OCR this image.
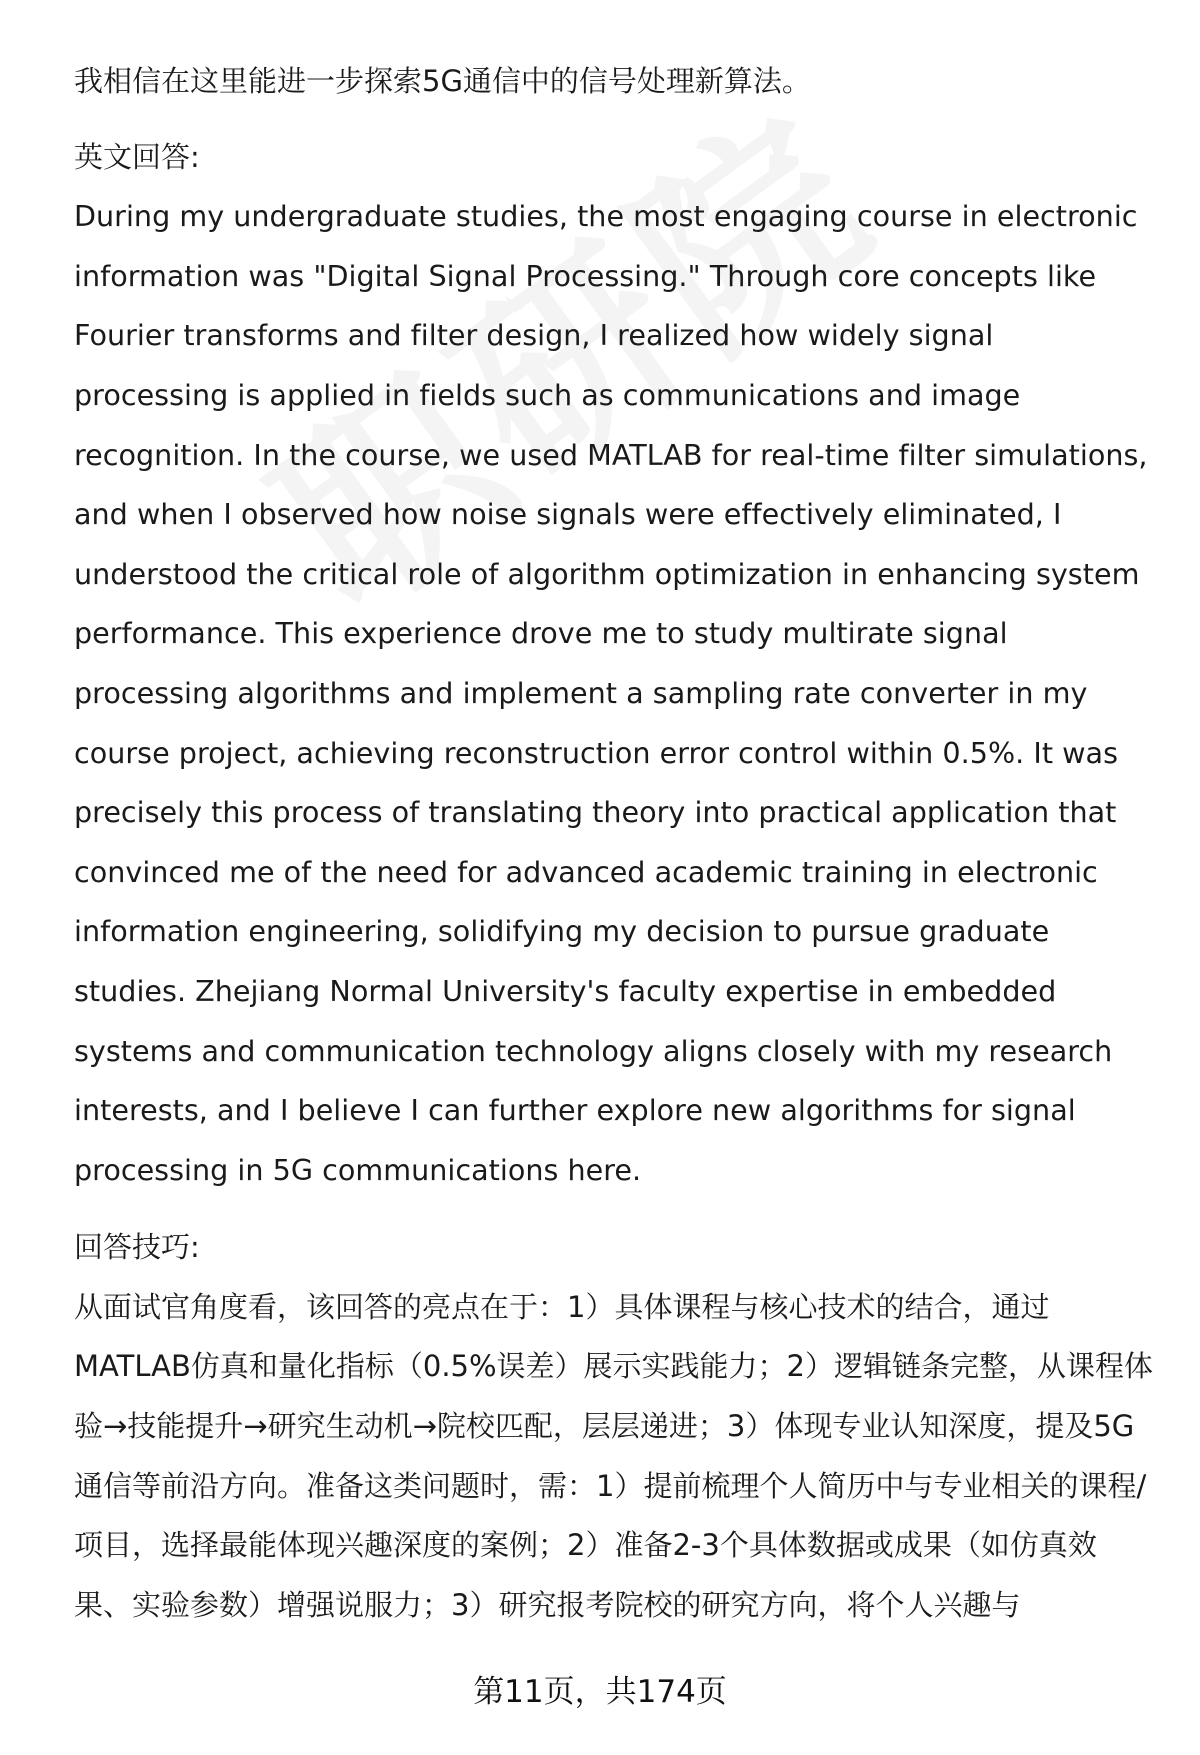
我相信在这里能进一步探索5G通信中的信号处理新算法。

英文回答:

During my undergraduate studies, the most engaging course in electronic information was "Digital Signal Processing." Through core concepts like Fourier transforms and filter design, I realized how widely signal processing is applied in fields such as communications and image recognition. In the course, we used MATLAB for real-time filter simulations, and when I observed how noise signals were effectively eliminated, I understood the critical role of algorithm optimization in enhancing system performance. This experience drove me to study multirate signal processing algorithms and implement a sampling rate converter in my course project, achieving reconstruction error control within 0.5%. It was precisely this process of translating theory into practical application that convinced me of the need for advanced academic training in electronic information engineering, solidifying my decision to pursue graduate studies. Zhejiang Normal University's faculty expertise in embedded systems and communication technology aligns closely with my research interests, and I believe I can further explore new algorithms for signal processing in 5G communications here.

回答技巧:

从面试官角度看，该回答的亮点在于：1）具体课程与核心技术的结合，通过MATLAB仿真和量化指标（0.5%误差）展示实践能力；2）逻辑链条完整，从课程体验→技能提升→研究生动机→院校匹配，层层递进；3）体现专业认知深度，提及5G通信等前沿方向。准备这类问题时，需：1）提前梳理个人简历中与专业相关的课程/项目，选择最能体现兴趣深度的案例；2）准备2-3个具体数据或成果（如仿真效果、实验参数）增强说服力；3）研究报考院校的研究方向，将个人兴趣与

第11页，共174页
